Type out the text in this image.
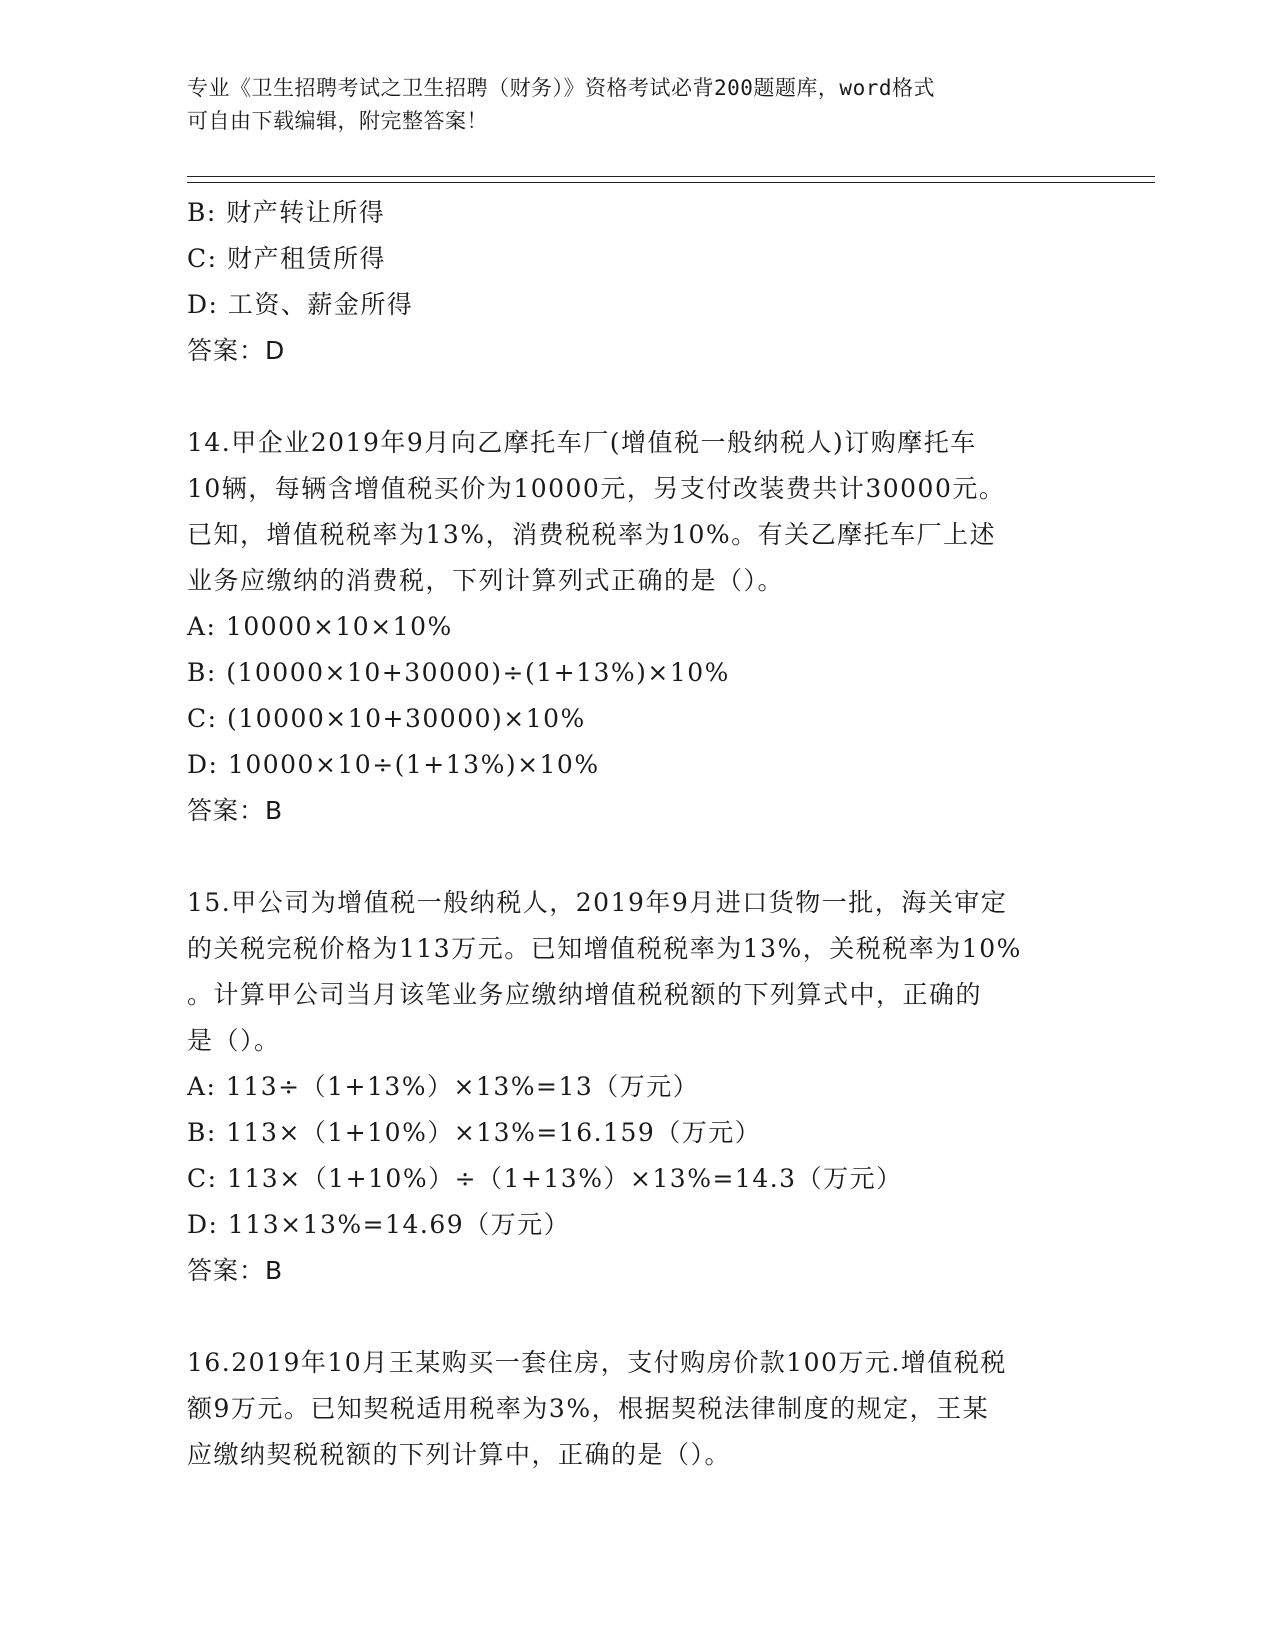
专业《卫生招聘考试之卫生招聘（财务）》资格考试必背200题题库，word格式
可自由下载编辑，附完整答案！
B: 财产转让所得
C: 财产租赁所得
D: 工资、薪金所得
答案：D
14.甲企业2019年9月向乙摩托车厂(增值税一般纳税人)订购摩托车
10辆，每辆含增值税买价为10000元，另支付改装费共计30000元。
已知，增值税税率为13%，消费税税率为10%。有关乙摩托车厂上述
业务应缴纳的消费税，下列计算列式正确的是（）。
A: 10000×10×10%
B: (10000×10+30000)÷(1+13%)×10%
C: (10000×10+30000)×10%
D: 10000×10÷(1+13%)×10%
答案：B
15.甲公司为增值税一般纳税人，2019年9月进口货物一批，海关审定
的关税完税价格为113万元。已知增值税税率为13%，关税税率为10%
。计算甲公司当月该笔业务应缴纳增值税税额的下列算式中，正确的
是（）。
A: 113÷（1+13%）×13%=13（万元）
B: 113×（1+10%）×13%=16.159（万元）
C: 113×（1+10%）÷（1+13%）×13%=14.3（万元）
D: 113×13%=14.69（万元）
答案：B
16.2019年10月王某购买一套住房，支付购房价款100万元.增值税税
额9万元。已知契税适用税率为3%，根据契税法律制度的规定，王某
应缴纳契税税额的下列计算中，正确的是（）。
